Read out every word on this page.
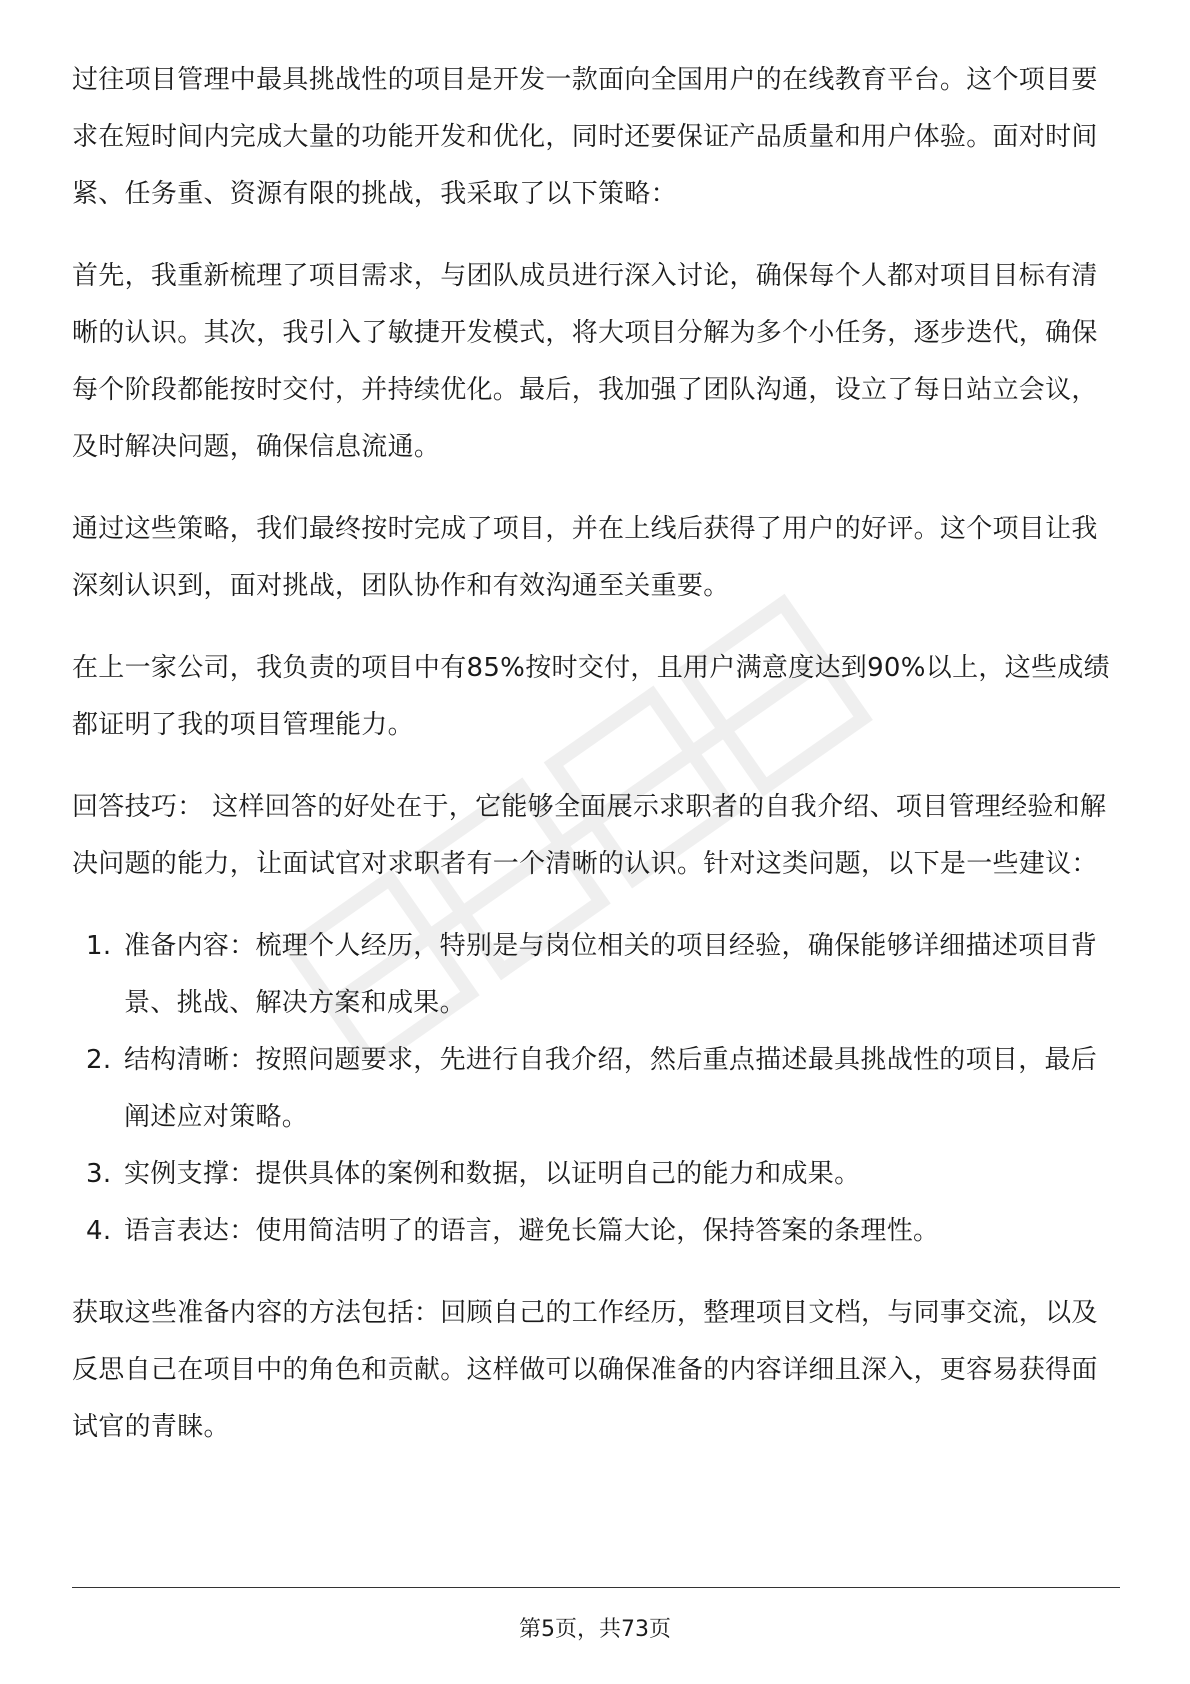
过往项目管理中最具挑战性的项目是开发一款面向全国用户的在线教育平台。这个项目要求在短时间内完成大量的功能开发和优化，同时还要保证产品质量和用户体验。面对时间紧、任务重、资源有限的挑战，我采取了以下策略：

首先，我重新梳理了项目需求，与团队成员进行深入讨论，确保每个人都对项目目标有清晰的认识。其次，我引入了敏捷开发模式，将大项目分解为多个小任务，逐步迭代，确保每个阶段都能按时交付，并持续优化。最后，我加强了团队沟通，设立了每日站立会议，及时解决问题，确保信息流通。

通过这些策略，我们最终按时完成了项目，并在上线后获得了用户的好评。这个项目让我深刻认识到，面对挑战，团队协作和有效沟通至关重要。

在上一家公司，我负责的项目中有85%按时交付，且用户满意度达到90%以上，这些成绩都证明了我的项目管理能力。

回答技巧： 这样回答的好处在于，它能够全面展示求职者的自我介绍、项目管理经验和解决问题的能力，让面试官对求职者有一个清晰的认识。针对这类问题，以下是一些建议：

1. 准备内容：梳理个人经历，特别是与岗位相关的项目经验，确保能够详细描述项目背景、挑战、解决方案和成果。
2. 结构清晰：按照问题要求，先进行自我介绍，然后重点描述最具挑战性的项目，最后阐述应对策略。
3. 实例支撑：提供具体的案例和数据，以证明自己的能力和成果。
4. 语言表达：使用简洁明了的语言，避免长篇大论，保持答案的条理性。

获取这些准备内容的方法包括：回顾自己的工作经历，整理项目文档，与同事交流，以及反思自己在项目中的角色和贡献。这样做可以确保准备的内容详细且深入，更容易获得面试官的青睐。

第5页，共73页
